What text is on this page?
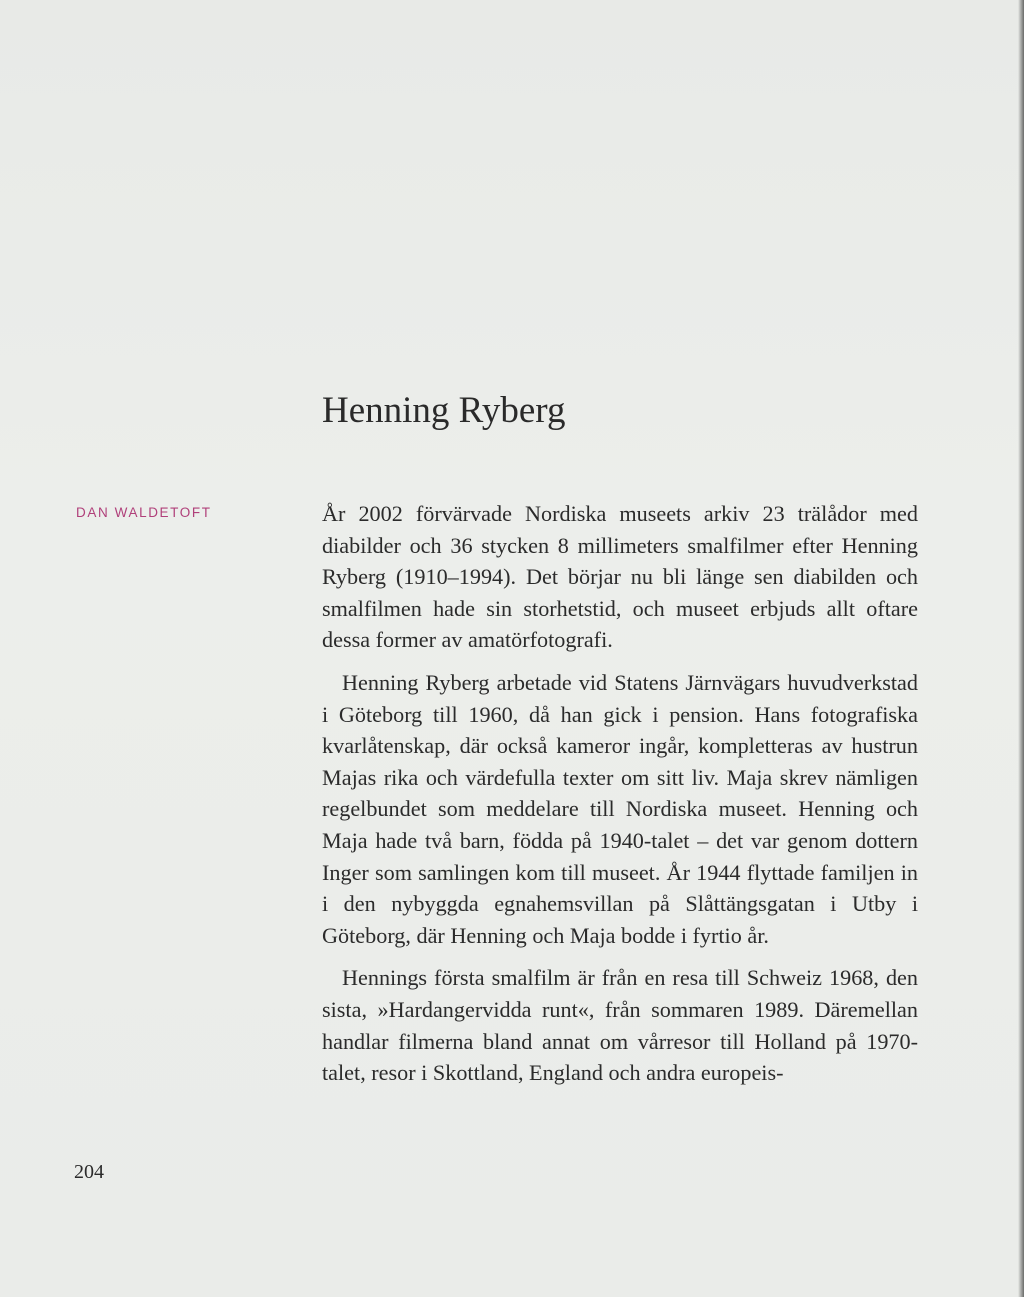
Henning Ryberg

DAN WALDETOFT	År 2002 förvärvade Nordiska museets arkiv 23 trälådor med diabilder och 36 stycken 8 millimeters smalfilmer efter Henning Ryberg (1910–1994). Det börjar nu bli länge sen diabilden och smalfilmen hade sin storhetstid, och museet erbjuds allt oftare dessa former av amatörfotografi.

Henning Ryberg arbetade vid Statens Järnvägars huvudverkstad i Göteborg till 1960, då han gick i pension. Hans fotografiska kvarlåtenskap, där också kameror ingår, kompletteras av hustrun Majas rika och värdefulla texter om sitt liv. Maja skrev nämligen regelbundet som meddelare till Nordiska museet. Henning och Maja hade två barn, födda på 1940-talet – det var genom dottern Inger som samlingen kom till museet. År 1944 flyttade familjen in i den nybyggda egnahemsvillan på Slåttängsgatan i Utby i Göteborg, där Henning och Maja bodde i fyrtio år.

Hennings första smalfilm är från en resa till Schweiz 1968, den sista, »Hardangervidda runt«, från sommaren 1989. Däremellan handlar filmerna bland annat om vårresor till Holland på 1970-talet, resor i Skottland, England och andra europeis-

204
